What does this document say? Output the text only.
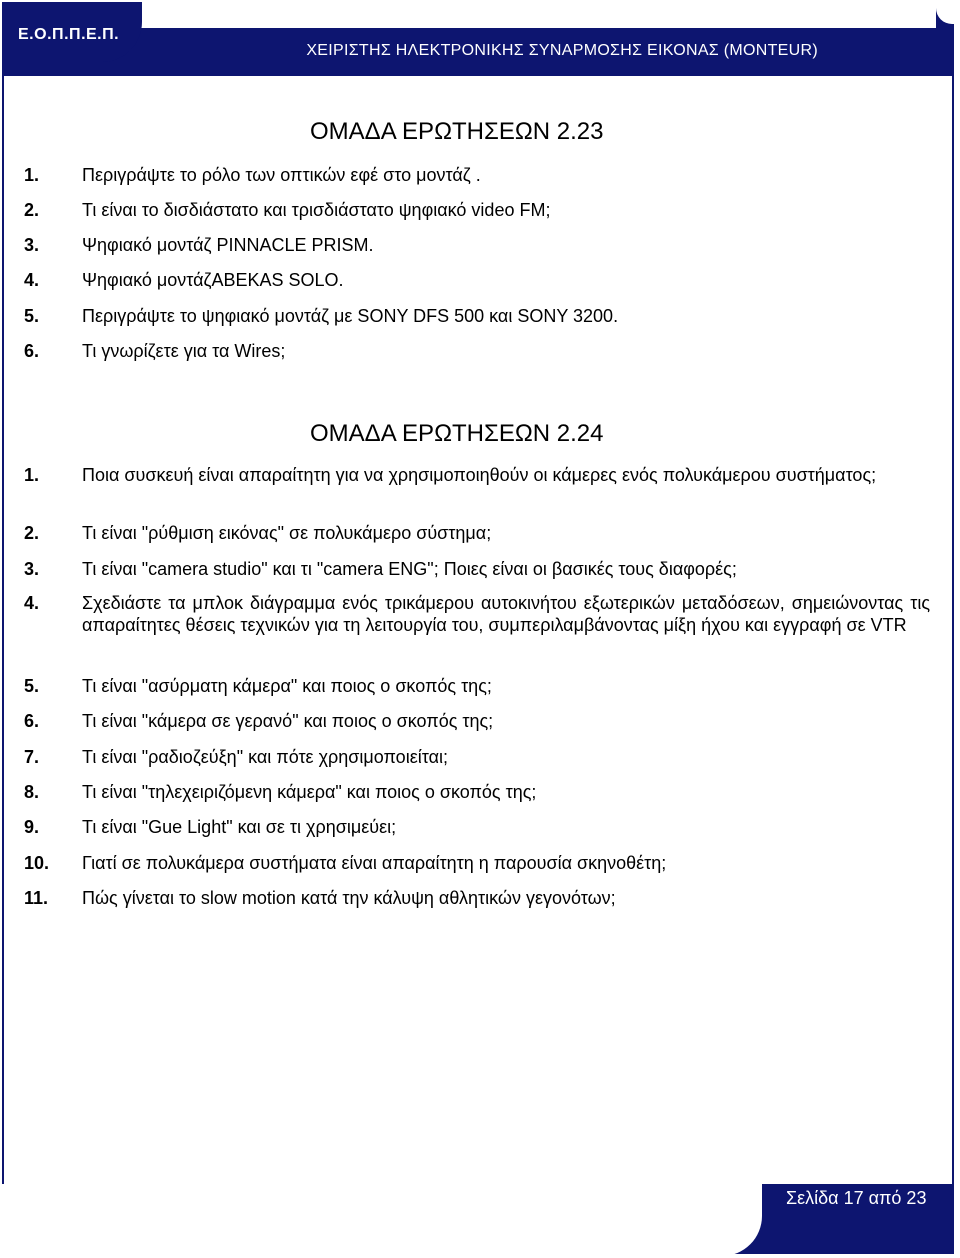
Ε.Ο.Π.Π.Ε.Π.
ΧΕΙΡΙΣΤΗΣ ΗΛΕΚΤΡΟΝΙΚΗΣ ΣΥΝΑΡΜΟΣΗΣ ΕΙΚΟΝΑΣ (MONTEUR)
ΟΜΑΔΑ ΕΡΩΤΗΣΕΩΝ 2.23
1. Περιγράψτε το ρόλο των οπτικών εφέ στο μοντάζ .
2. Τι είναι το δισδιάστατο και τρισδιάστατο ψηφιακό video FM;
3. Ψηφιακό μοντάζ PINNACLE PRISM.
4. Ψηφιακό μοντάζABEKAS SOLO.
5. Περιγράψτε το ψηφιακό μοντάζ με SONY DFS 500 και SONY 3200.
6. Τι γνωρίζετε για τα Wires;
ΟΜΑΔΑ ΕΡΩΤΗΣΕΩΝ 2.24
1. Ποια συσκευή είναι απαραίτητη για να χρησιμοποιηθούν οι κάμερες ενός πολυκάμερου συστήματος;
2. Τι είναι "ρύθμιση εικόνας" σε πολυκάμερο σύστημα;
3. Τι είναι "camera studio" και τι "camera ENG"; Ποιες είναι οι βασικές τους διαφορές;
4. Σχεδιάστε τα μπλοκ διάγραμμα ενός τρικάμερου αυτοκινήτου εξωτερικών μεταδόσεων, σημειώνοντας τις απαραίτητες θέσεις τεχνικών για τη λειτουργία του, συμπεριλαμβάνοντας μίξη ήχου και εγγραφή σε VTR
5. Τι είναι "ασύρματη κάμερα" και ποιος ο σκοπός της;
6. Τι είναι "κάμερα σε γερανό" και ποιος ο σκοπός της;
7. Τι είναι "ραδιοζεύξη" και πότε χρησιμοποιείται;
8. Τι είναι "τηλεχειριζόμενη κάμερα" και ποιος ο σκοπός της;
9. Τι είναι "Gue Light" και σε τι χρησιμεύει;
10. Γιατί σε πολυκάμερα συστήματα είναι απαραίτητη η παρουσία σκηνοθέτη;
11. Πώς γίνεται το slow motion κατά την κάλυψη αθλητικών γεγονότων;
Σελίδα 17 από 23
